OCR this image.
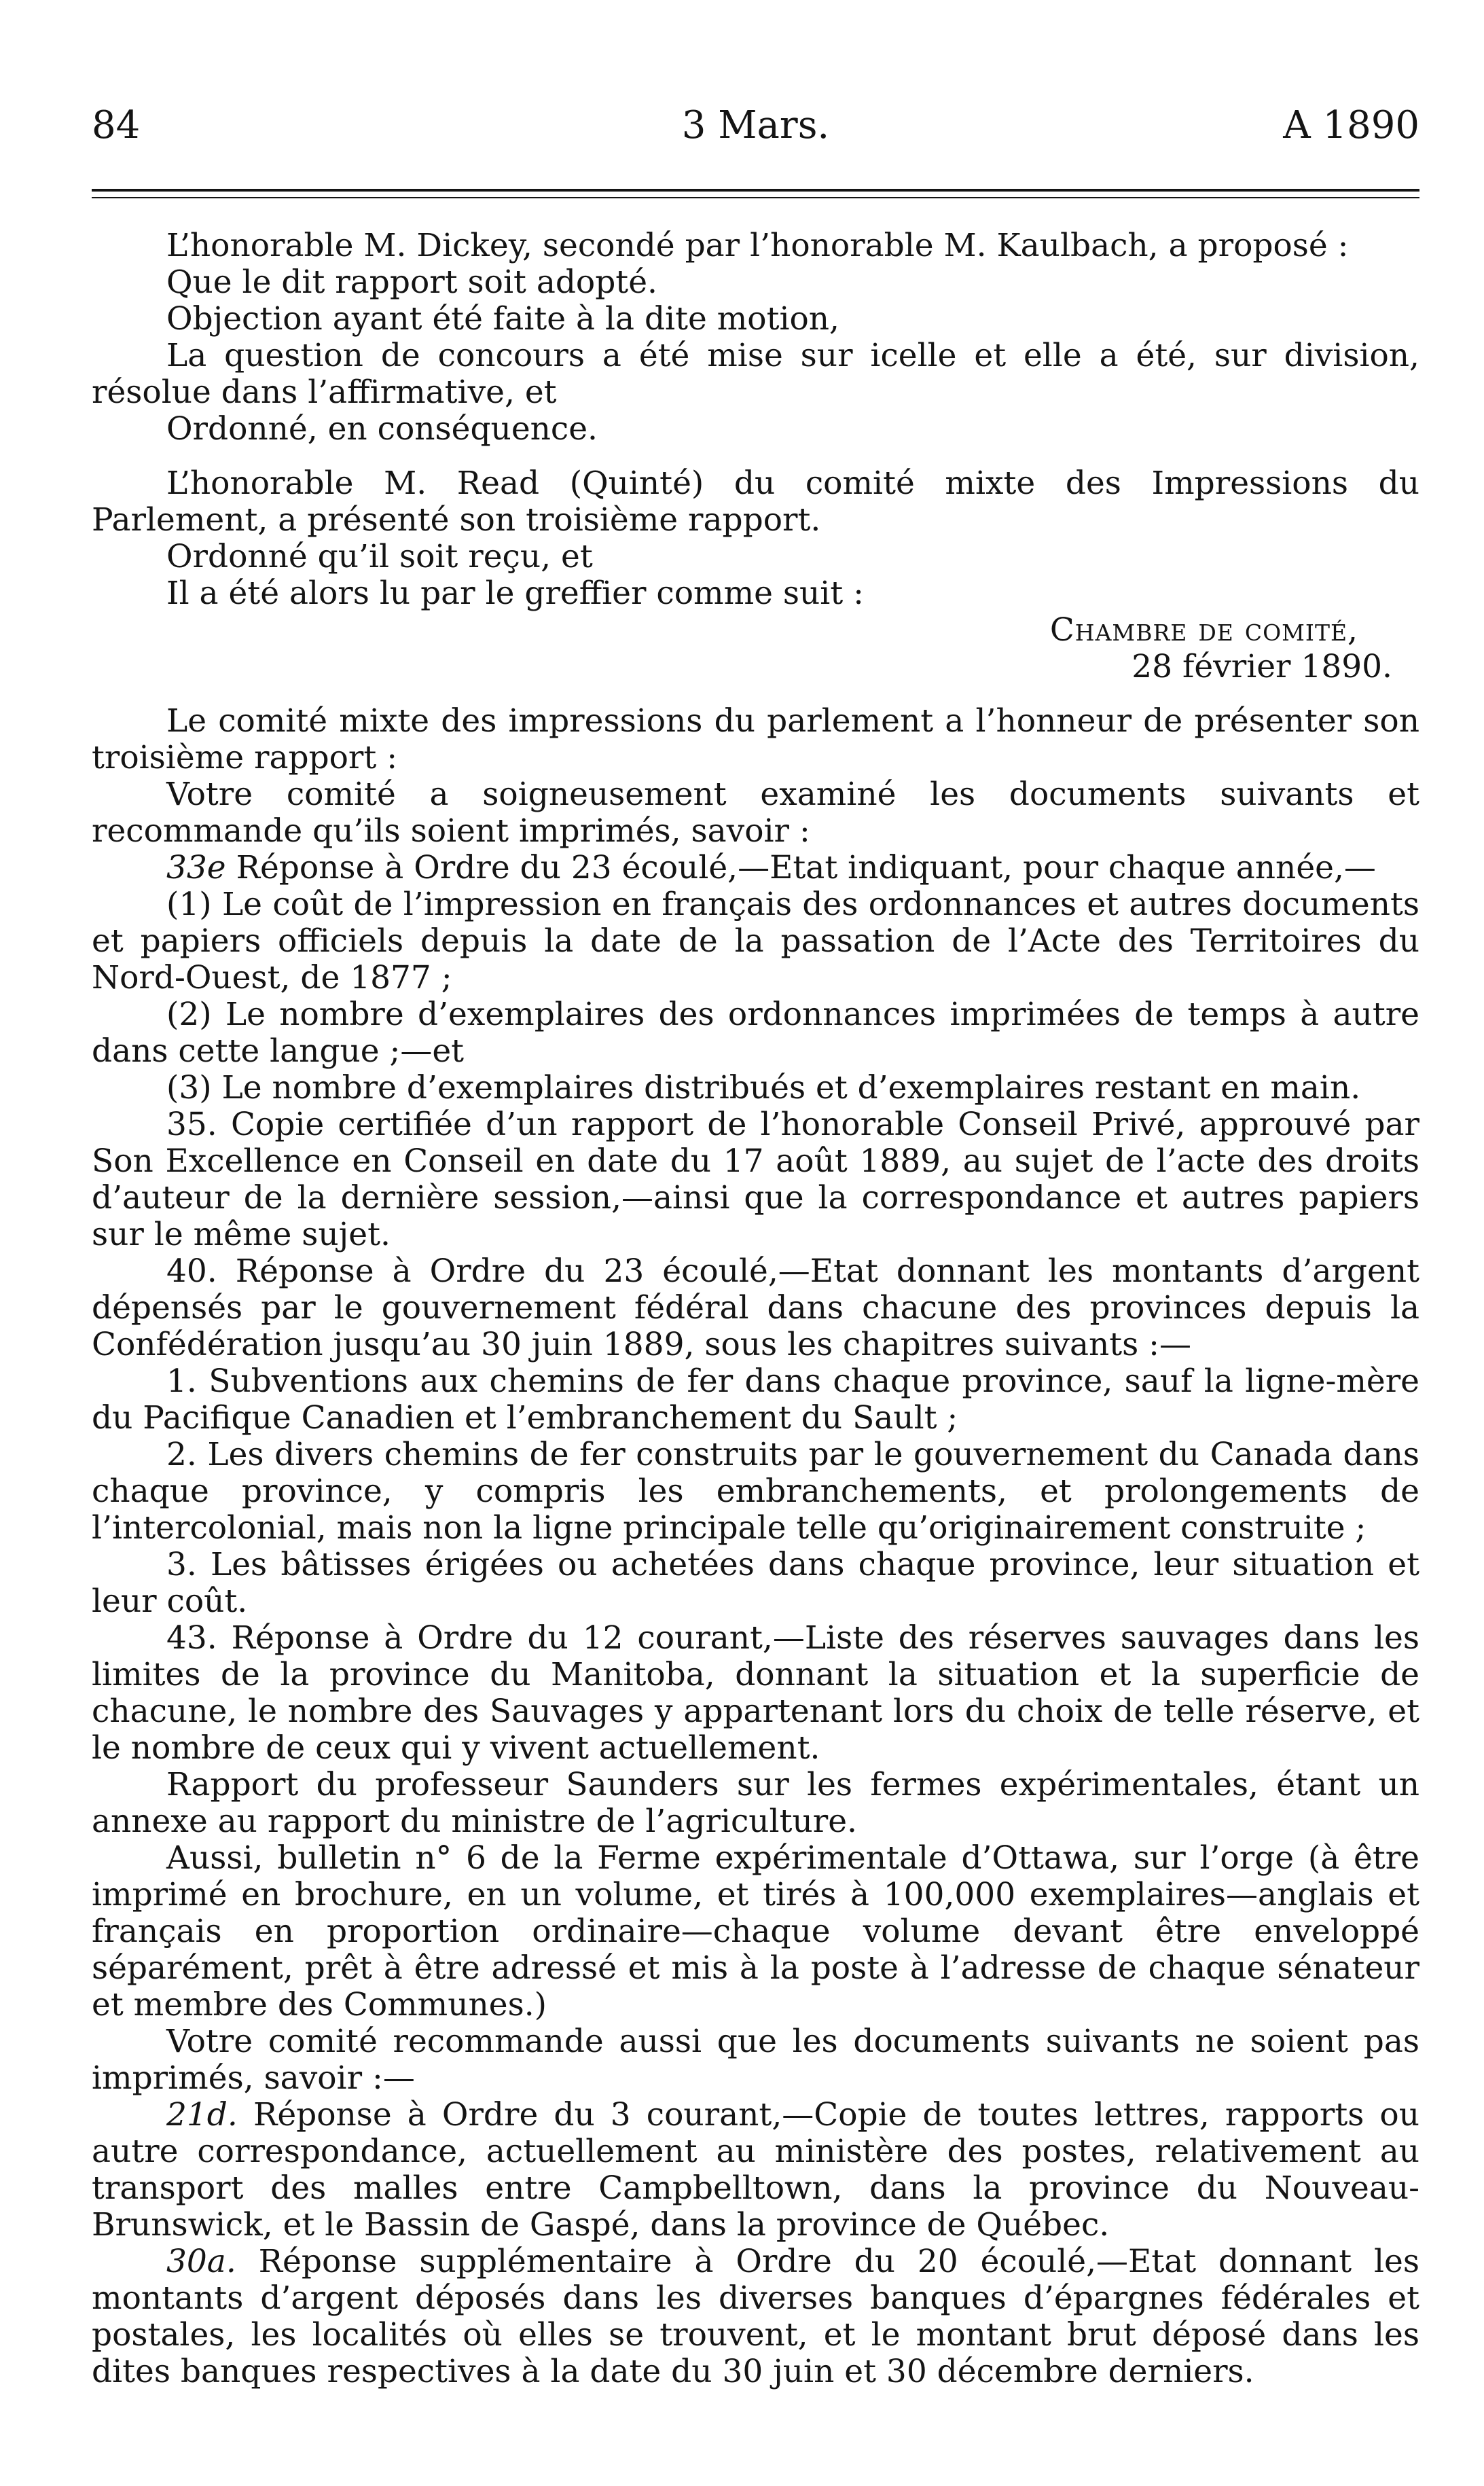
84	3 Mars.	A 1890

L’honorable M. Dickey, secondé par l’honorable M. Kaulbach, a proposé :

Que le dit rapport soit adopté.

Objection ayant été faite à la dite motion,

La question de concours a été mise sur icelle et elle a été, sur division, résolue dans l’affirmative, et

Ordonné, en conséquence.

L’honorable M. Read (Quinté) du comité mixte des Impressions du Parlement, a présenté son troisième rapport.

Ordonné qu’il soit reçu, et

Il a été alors lu par le greffier comme suit :

Chambre de comité,

28 février 1890.

Le comité mixte des impressions du parlement a l’honneur de présenter son troisième rapport :

Votre comité a soigneusement examiné les documents suivants et recommande qu’ils soient imprimés, savoir :

33e Réponse à Ordre du 23 écoulé,—Etat indiquant, pour chaque année,—

(1) Le coût de l’impression en français des ordonnances et autres documents et papiers officiels depuis la date de la passation de l’Acte des Territoires du Nord-Ouest, de 1877 ;

(2) Le nombre d’exemplaires des ordonnances imprimées de temps à autre dans cette langue ;—et

(3) Le nombre d’exemplaires distribués et d’exemplaires restant en main.

35. Copie certifiée d’un rapport de l’honorable Conseil Privé, approuvé par Son Excellence en Conseil en date du 17 août 1889, au sujet de l’acte des droits d’auteur de la dernière session,—ainsi que la correspondance et autres papiers sur le même sujet.

40. Réponse à Ordre du 23 écoulé,—Etat donnant les montants d’argent dépensés par le gouvernement fédéral dans chacune des provinces depuis la Confédération jusqu’au 30 juin 1889, sous les chapitres suivants :—

1. Subventions aux chemins de fer dans chaque province, sauf la ligne-mère du Pacifique Canadien et l’embranchement du Sault ;

2. Les divers chemins de fer construits par le gouvernement du Canada dans chaque province, y compris les embranchements, et prolongements de l’intercolonial, mais non la ligne principale telle qu’originairement construite ;

3. Les bâtisses érigées ou achetées dans chaque province, leur situation et leur coût.

43. Réponse à Ordre du 12 courant,—Liste des réserves sauvages dans les limites de la province du Manitoba, donnant la situation et la superficie de chacune, le nombre des Sauvages y appartenant lors du choix de telle réserve, et le nombre de ceux qui y vivent actuellement.

Rapport du professeur Saunders sur les fermes expérimentales, étant un annexe au rapport du ministre de l’agriculture.

Aussi, bulletin n° 6 de la Ferme expérimentale d’Ottawa, sur l’orge (à être imprimé en brochure, en un volume, et tirés à 100,000 exemplaires—anglais et français en proportion ordinaire—chaque volume devant être enveloppé séparément, prêt à être adressé et mis à la poste à l’adresse de chaque sénateur et membre des Communes.)

Votre comité recommande aussi que les documents suivants ne soient pas imprimés, savoir :—

21d. Réponse à Ordre du 3 courant,—Copie de toutes lettres, rapports ou autre correspondance, actuellement au ministère des postes, relativement au transport des malles entre Campbelltown, dans la province du Nouveau-Brunswick, et le Bassin de Gaspé, dans la province de Québec.

30a. Réponse supplémentaire à Ordre du 20 écoulé,—Etat donnant les montants d’argent déposés dans les diverses banques d’épargnes fédérales et postales, les localités où elles se trouvent, et le montant brut déposé dans les dites banques respectives à la date du 30 juin et 30 décembre derniers.
